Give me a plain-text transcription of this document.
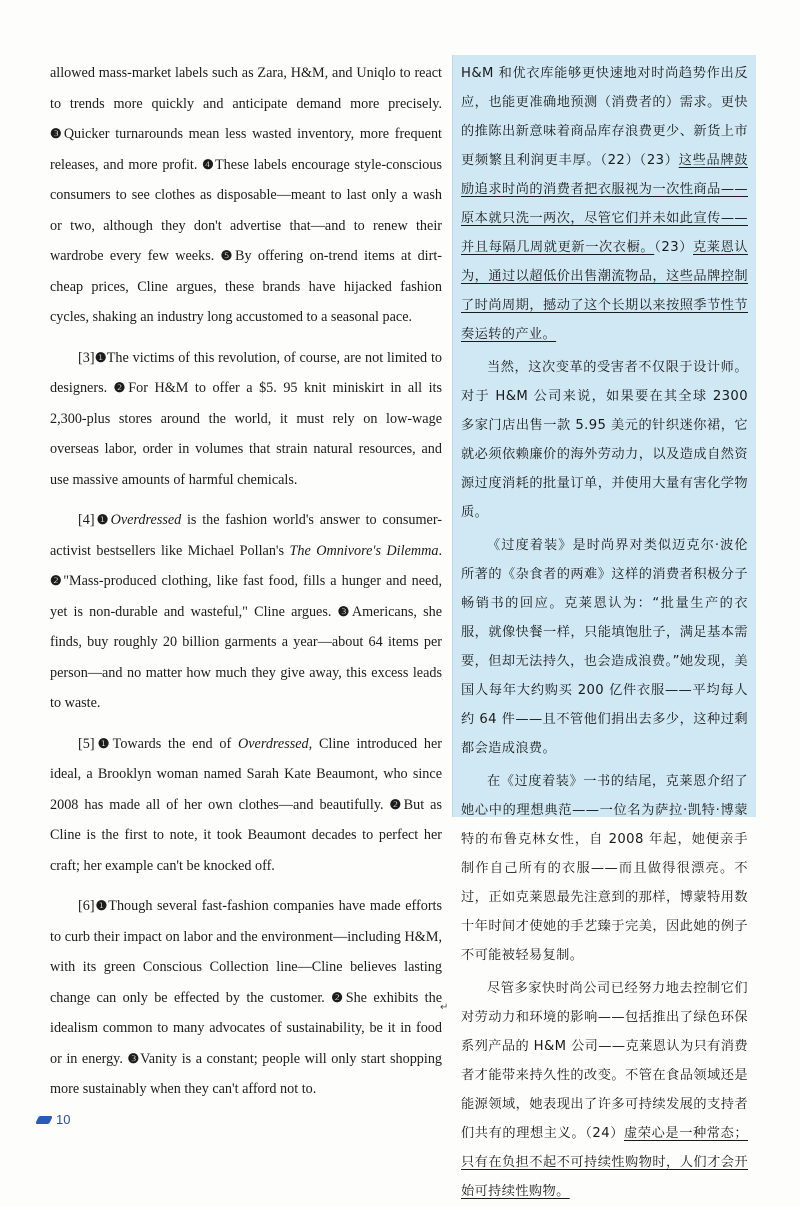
allowed mass-market labels such as Zara, H&M, and Uniqlo to react to trends more quickly and anticipate demand more precisely. ❸Quicker turnarounds mean less wasted inventory, more frequent releases, and more profit. ❹These labels encourage style-conscious consumers to see clothes as disposable—meant to last only a wash or two, although they don't advertise that—and to renew their wardrobe every few weeks. ❺By offering on-trend items at dirt-cheap prices, Cline argues, these brands have hijacked fashion cycles, shaking an industry long accustomed to a seasonal pace.

[3]❶The victims of this revolution, of course, are not limited to designers. ❷For H&M to offer a $5. 95 knit miniskirt in all its 2,300-plus stores around the world, it must rely on low-wage overseas labor, order in volumes that strain natural resources, and use massive amounts of harmful chemicals.

[4]❶Overdressed is the fashion world's answer to consumer-activist bestsellers like Michael Pollan's The Omnivore's Dilemma. ❷"Mass-produced clothing, like fast food, fills a hunger and need, yet is non-durable and wasteful," Cline argues. ❸Americans, she finds, buy roughly 20 billion garments a year—about 64 items per person—and no matter how much they give away, this excess leads to waste.

[5]❶Towards the end of Overdressed, Cline introduced her ideal, a Brooklyn woman named Sarah Kate Beaumont, who since 2008 has made all of her own clothes—and beautifully. ❷But as Cline is the first to note, it took Beaumont decades to perfect her craft; her example can't be knocked off.

[6]❶Though several fast-fashion companies have made efforts to curb their impact on labor and the environment—including H&M, with its green Conscious Collection line—Cline believes lasting change can only be effected by the customer. ❷She exhibits the idealism common to many advocates of sustainability, be it in food or in energy. ❸Vanity is a constant; people will only start shopping more sustainably when they can't afford not to.

H&M 和优衣库能够更快速地对时尚趋势作出反应，也能更准确地预测（消费者的）需求。更快的推陈出新意味着商品库存浪费更少、新货上市更频繁且利润更丰厚。（22）（23）这些品牌鼓励追求时尚的消费者把衣服视为一次性商品——原本就只洗一两次，尽管它们并未如此宣传——并且每隔几周就更新一次衣橱。（23）克莱恩认为，通过以超低价出售潮流物品，这些品牌控制了时尚周期，撼动了这个长期以来按照季节性节奏运转的产业。

当然，这次变革的受害者不仅限于设计师。对于 H&M 公司来说，如果要在其全球 2300 多家门店出售一款 5.95 美元的针织迷你裙，它就必须依赖廉价的海外劳动力，以及造成自然资源过度消耗的批量订单，并使用大量有害化学物质。

《过度着装》是时尚界对类似迈克尔·波伦所著的《杂食者的两难》这样的消费者积极分子畅销书的回应。克莱恩认为：“批量生产的衣服，就像快餐一样，只能填饱肚子，满足基本需要，但却无法持久，也会造成浪费。”她发现，美国人每年大约购买 200 亿件衣服——平均每人约 64 件——且不管他们捐出去多少，这种过剩都会造成浪费。

在《过度着装》一书的结尾，克莱恩介绍了她心中的理想典范——一位名为萨拉·凯特·博蒙特的布鲁克林女性，自 2008 年起，她便亲手制作自己所有的衣服——而且做得很漂亮。不过，正如克莱恩最先注意到的那样，博蒙特用数十年时间才使她的手艺臻于完美，因此她的例子不可能被轻易复制。

尽管多家快时尚公司已经努力地去控制它们对劳动力和环境的影响——包括推出了绿色环保系列产品的 H&M 公司——克莱恩认为只有消费者才能带来持久性的改变。不管在食品领域还是能源领域，她表现出了许多可持续发展的支持者们共有的理想主义。（24）虚荣心是一种常态；只有在负担不起不可持续性购物时，人们才会开始可持续性购物。

↵
10
